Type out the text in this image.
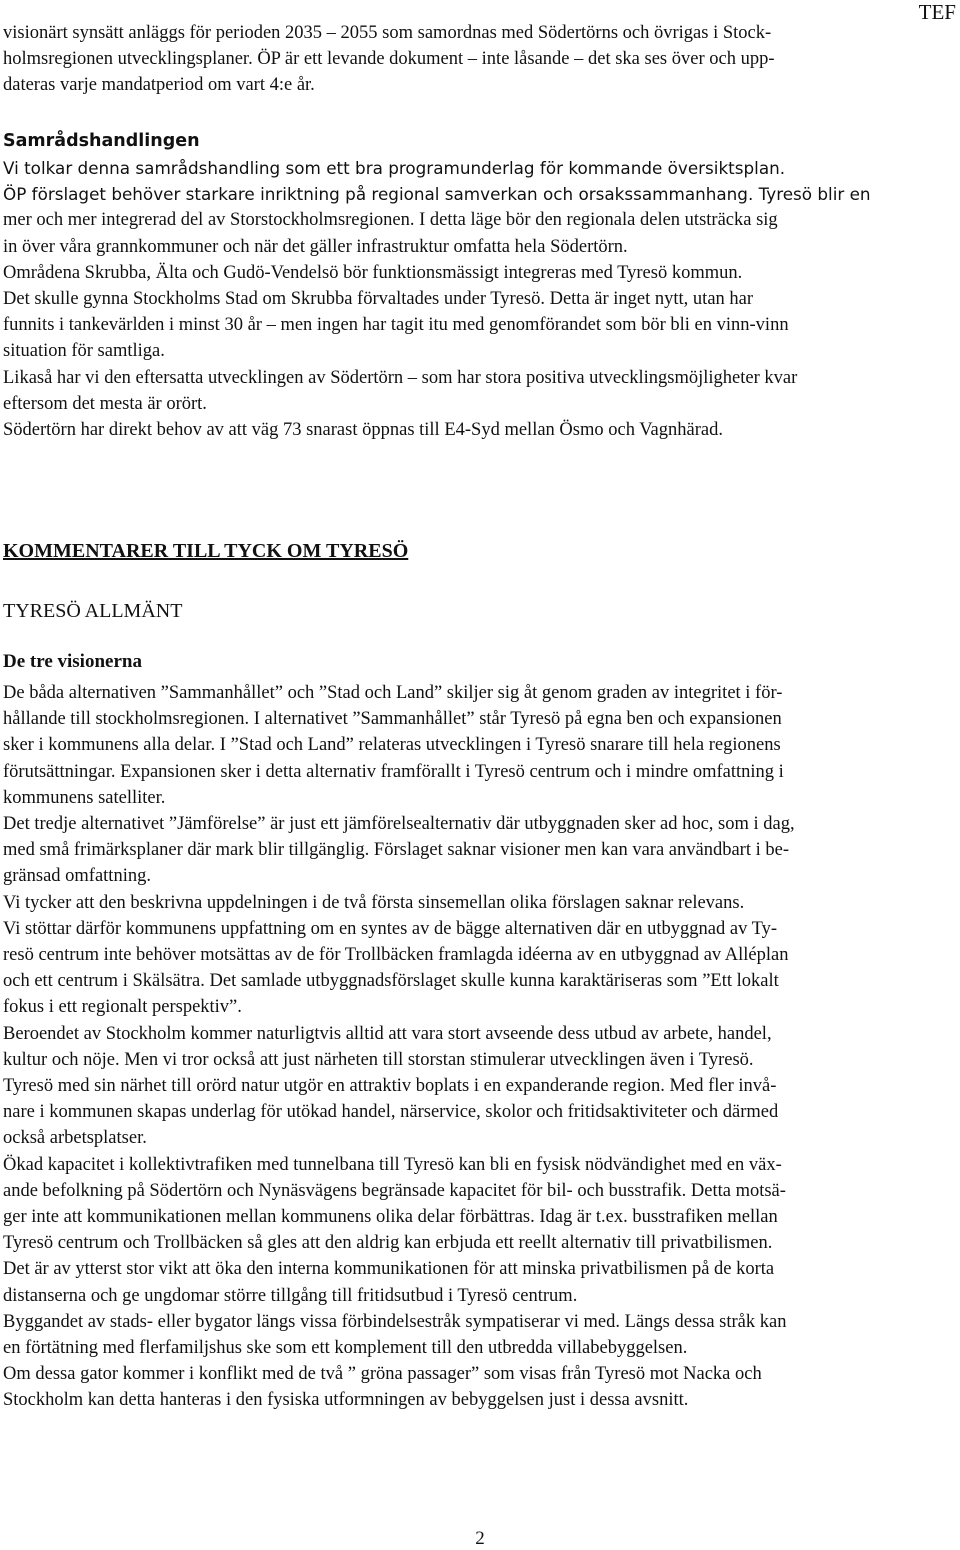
TEF

visionärt synsätt anläggs för perioden 2035 – 2055 som samordnas med Södertörns och övrigas i Stock-

holmsregionen utvecklingsplaner. ÖP är ett levande dokument – inte låsande – det ska ses över och upp-

dateras varje mandatperiod om vart 4:e år.

Samrådshandlingen

Vi tolkar denna samrådshandling som ett bra programunderlag för kommande översiktsplan.

ÖP förslaget behöver starkare inriktning på regional samverkan och orsakssammanhang. Tyresö blir en

mer och mer integrerad del av Storstockholmsregionen. I detta läge bör den regionala delen utsträcka sig

in över våra grannkommuner och när det gäller infrastruktur omfatta hela Södertörn.

Områdena Skrubba, Älta och Gudö-Vendelsö bör funktionsmässigt integreras med Tyresö kommun.

Det skulle gynna Stockholms Stad om Skrubba förvaltades under Tyresö. Detta är inget nytt, utan har

funnits i tankevärlden i minst 30 år – men ingen har tagit itu med genomförandet som bör bli en vinn-vinn

situation för samtliga.

Likaså har vi den eftersatta utvecklingen av Södertörn – som har stora positiva utvecklingsmöjligheter kvar

eftersom det mesta är orört.

Södertörn har direkt behov av att väg 73 snarast öppnas till E4-Syd mellan Ösmo och Vagnhärad.

KOMMENTARER TILL TYCK OM TYRESÖ
TYRESÖ ALLMÄNT
De tre visionerna

De båda alternativen ”Sammanhållet” och ”Stad och Land” skiljer sig åt genom graden av integritet i för-

hållande till stockholmsregionen. I alternativet ”Sammanhållet” står Tyresö på egna ben och expansionen

sker i kommunens alla delar. I ”Stad och Land” relateras utvecklingen i Tyresö snarare till hela regionens

förutsättningar. Expansionen sker i detta alternativ framförallt i Tyresö centrum och i mindre omfattning i

kommunens satelliter.

Det tredje alternativet ”Jämförelse” är just ett jämförelsealternativ där utbyggnaden sker ad hoc, som i dag,

med små frimärksplaner där mark blir tillgänglig. Förslaget saknar visioner men kan vara användbart i be-

gränsad omfattning.

Vi tycker att den beskrivna uppdelningen i de två första sinsemellan olika förslagen saknar relevans.

Vi stöttar därför kommunens uppfattning om en syntes av de bägge alternativen där en utbyggnad av Ty-

resö centrum inte behöver motsättas av de för Trollbäcken framlagda idéerna av en utbyggnad av Alléplan

och ett centrum i Skälsätra. Det samlade utbyggnadsförslaget skulle kunna karaktäriseras som ”Ett lokalt

fokus i ett regionalt perspektiv”.

Beroendet av Stockholm kommer naturligtvis alltid att vara stort avseende dess utbud av arbete, handel,

kultur och nöje. Men vi tror också att just närheten till storstan stimulerar utvecklingen även i Tyresö.

Tyresö med sin närhet till orörd natur utgör en attraktiv boplats i en expanderande region. Med fler invå-

nare i kommunen skapas underlag för utökad handel, närservice, skolor och fritidsaktiviteter och därmed

också arbetsplatser.

Ökad kapacitet i kollektivtrafiken med tunnelbana till Tyresö kan bli en fysisk nödvändighet med en väx-

ande befolkning på Södertörn och Nynäsvägens begränsade kapacitet för bil- och busstrafik. Detta motsä-

ger inte att kommunikationen mellan kommunens olika delar förbättras. Idag är t.ex. busstrafiken mellan

Tyresö centrum och Trollbäcken så gles att den aldrig kan erbjuda ett reellt alternativ till privatbilismen.

Det är av ytterst stor vikt att öka den interna kommunikationen för att minska privatbilismen på de korta

distanserna och ge ungdomar större tillgång till fritidsutbud i Tyresö centrum.

Byggandet av stads- eller bygator längs vissa förbindelsestråk sympatiserar vi med. Längs dessa stråk kan

en förtätning med flerfamiljshus ske som ett komplement till den utbredda villabebyggelsen.

Om dessa gator kommer i konflikt med de två ” gröna passager” som visas från Tyresö mot Nacka och

Stockholm kan detta hanteras i den fysiska utformningen av bebyggelsen just i dessa avsnitt.

2
